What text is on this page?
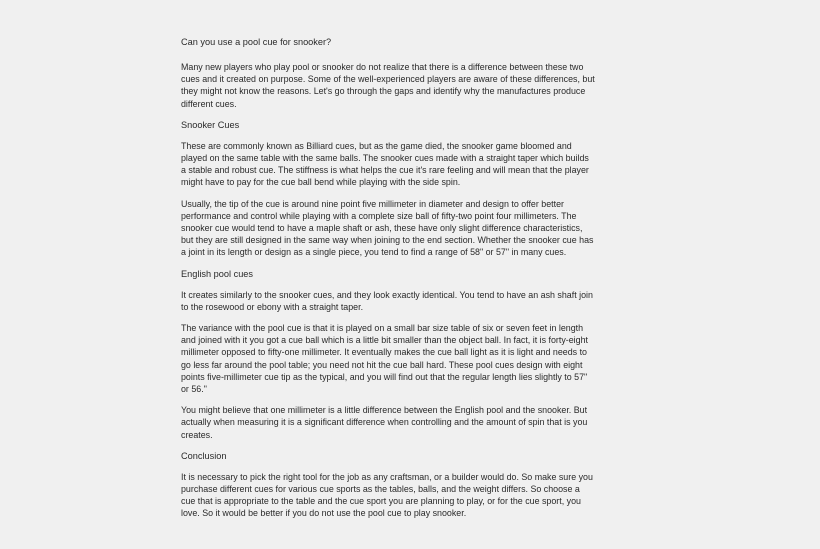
Can you use a pool cue for snooker?
Many new players who play pool or snooker do not realize that there is a difference between these two
cues and it created on purpose. Some of the well-experienced players are aware of these differences, but
they might not know the reasons. Let's go through the gaps and identify why the manufactures produce
different cues.
Snooker Cues
These are commonly known as Billiard cues, but as the game died, the snooker game bloomed and
played on the same table with the same balls. The snooker cues made with a straight taper which builds
a stable and robust cue. The stiffness is what helps the cue it's rare feeling and will mean that the player
might have to pay for the cue ball bend while playing with the side spin.
Usually, the tip of the cue is around nine point five millimeter in diameter and design to offer better
performance and control while playing with a complete size ball of fifty-two point four millimeters. The
snooker cue would tend to have a maple shaft or ash, these have only slight difference characteristics,
but they are still designed in the same way when joining to the end section. Whether the snooker cue has
a joint in its length or design as a single piece, you tend to find a range of 58" or 57" in many cues.
English pool cues
It creates similarly to the snooker cues, and they look exactly identical. You tend to have an ash shaft join
to the rosewood or ebony with a straight taper.
The variance with the pool cue is that it is played on a small bar size table of six or seven feet in length
and joined with it you got a cue ball which is a little bit smaller than the object ball. In fact, it is forty-eight
millimeter opposed to fifty-one millimeter. It eventually makes the cue ball light as it is light and needs to
go less far around the pool table; you need not hit the cue ball hard. These pool cues design with eight
points five-millimeter cue tip as the typical, and you will find out that the regular length lies slightly to 57"
or 56."
You might believe that one millimeter is a little difference between the English pool and the snooker. But
actually when measuring it is a significant difference when controlling and the amount of spin that is you
creates.
Conclusion
It is necessary to pick the right tool for the job as any craftsman, or a builder would do. So make sure you
purchase different cues for various cue sports as the tables, balls, and the weight differs. So choose a
cue that is appropriate to the table and the cue sport you are planning to play, or for the cue sport, you
love. So it would be better if you do not use the pool cue to play snooker.
